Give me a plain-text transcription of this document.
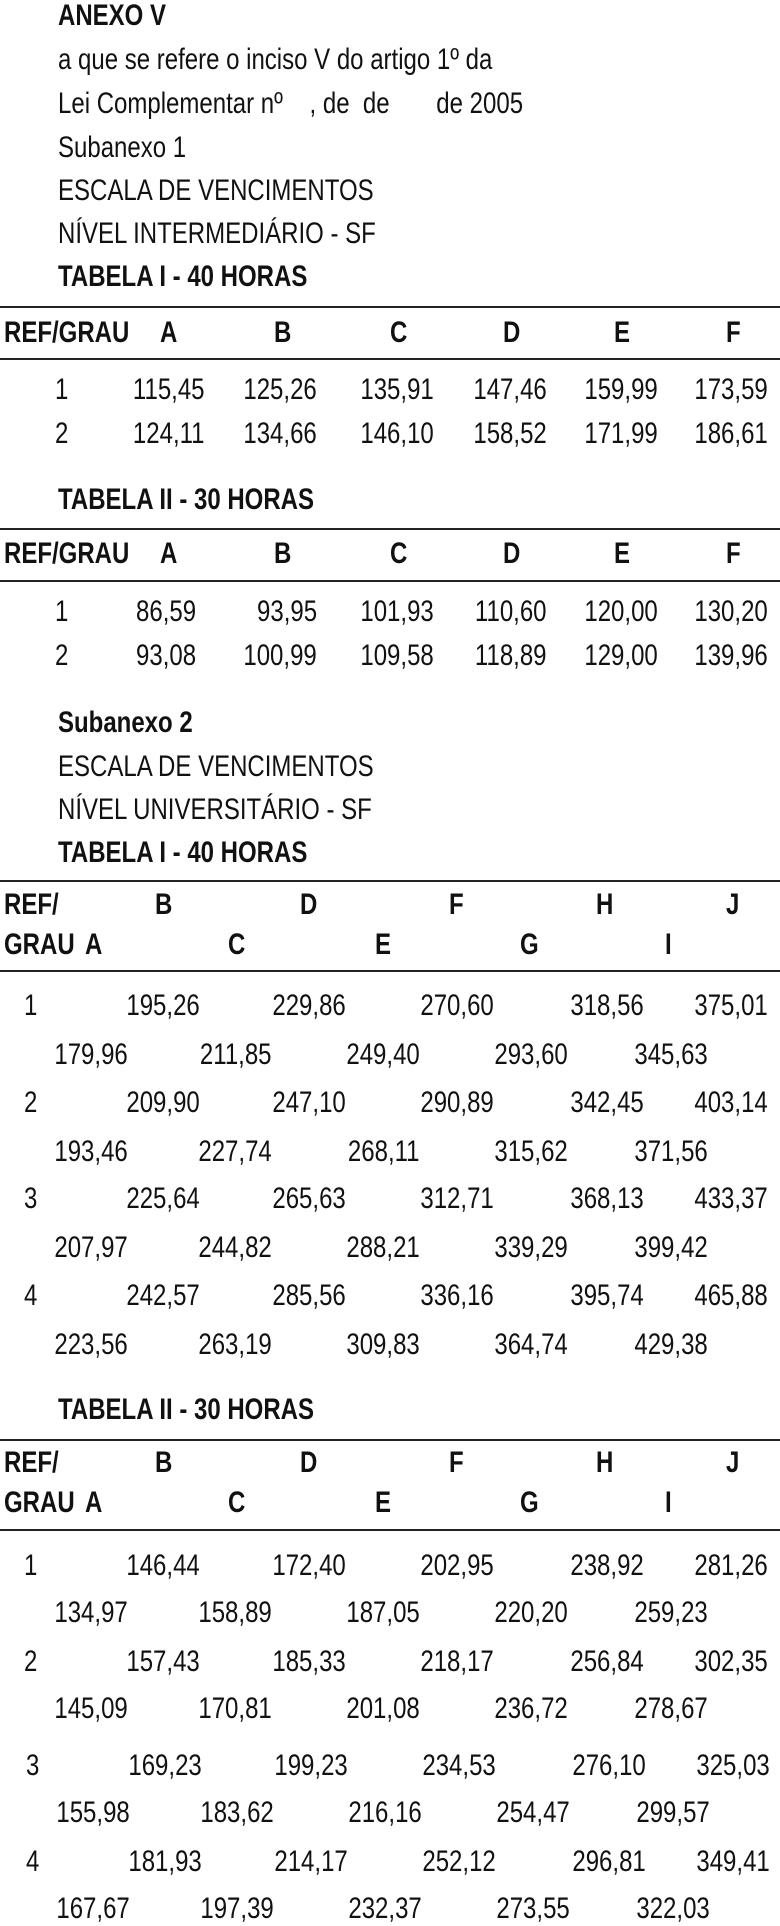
ANEXO V
a que se refere o inciso V do artigo 1º da
Lei Complementar nº    , de  de       de 2005
Subanexo 1
ESCALA DE VENCIMENTOS
NÍVEL INTERMEDIÁRIO - SF
TABELA I - 40 HORAS
REF/GRAU A	B	C	D	E	F
1 115,45 125,26 135,91 147,46 159,99 173,59
2 124,11 134,66 146,10 158,52 171,99 186,61
TABELA II - 30 HORAS
REF/GRAU A	B	C	D	E	F
1 86,59 93,95 101,93 110,60 120,00 130,20
2 93,08 100,99 109,58 118,89 129,00 139,96
Subanexo 2
ESCALA DE VENCIMENTOS
NÍVEL UNIVERSITÁRIO - SF
TABELA I - 40 HORAS
REF/
GRAU
B	D	F	H	J
A	C	E	G	I
1	195,26 229,86 270,60	318,56 375,01
179,96 211,85 249,40 293,60 345,63
2	209,90 247,10 290,89	342,45 403,14
193,46 227,74	268,11 315,62 371,56
3	225,64 265,63 312,71	368,13 433,37
207,97 244,82 288,21 339,29 399,42
4	242,57 285,56 336,16	395,74 465,88
223,56 263,19 309,83 364,74 429,38
TABELA II - 30 HORAS
REF/
GRAU
B	D	F	H	J
A	C	E	G	I
1	146,44 172,40 202,95	238,92 281,26
134,97 158,89 187,05 220,20 259,23
2	157,43 185,33 218,17	256,84 302,35
145,09 170,81 201,08 236,72 278,67
3	169,23 199,23 234,53	276,10 325,03
155,98 183,62 216,16 254,47 299,57
4	181,93 214,17 252,12	296,81 349,41
167,67 197,39 232,37 273,55 322,03
